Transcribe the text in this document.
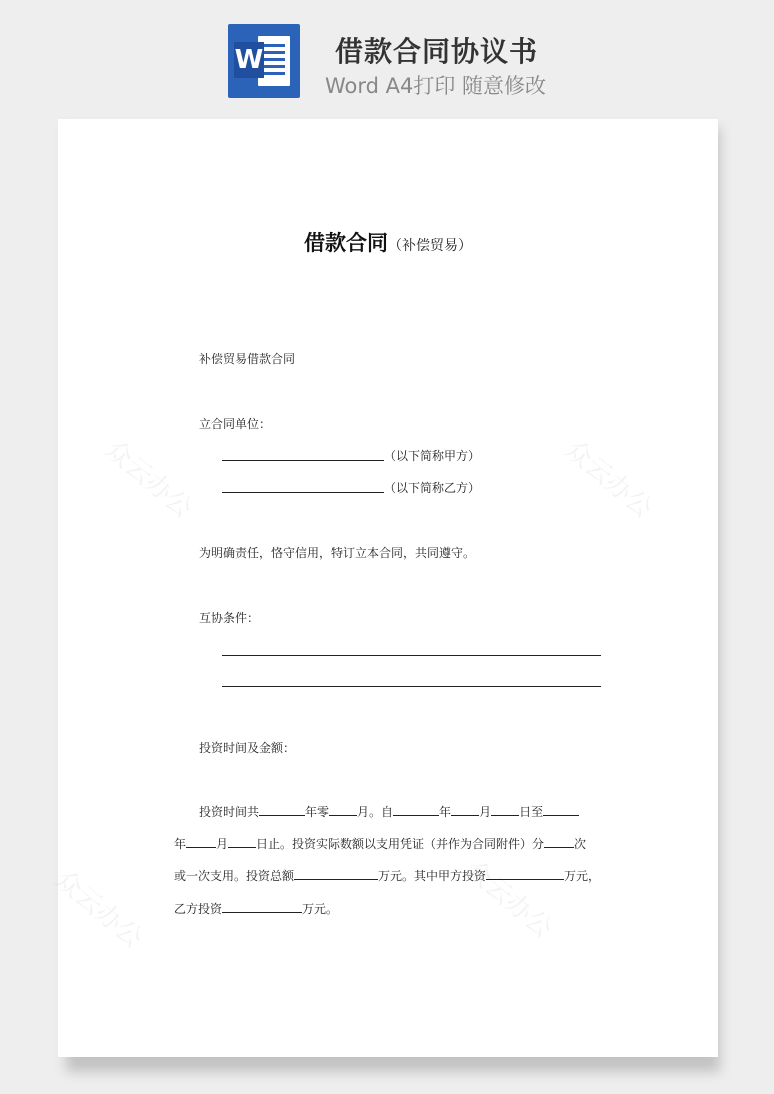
W	借款合同协议书
Word A4打印 随意修改
众云办公	众云办公
众云办公	众云办公
借款合同（补偿贸易）
补偿贸易借款合同
立合同单位：
（以下简称甲方）
（以下简称乙方）
为明确责任，恪守信用，特订立本合同，共同遵守。
互协条件：
投资时间及金额：
投资时间共	年零 月。自	年 月 日至
年	月 日止。投资实际数额以支用凭证（并作为合同附件）分	次
或一次支用。投资总额	万元。其中甲方投资	万元，
乙方投资	万元。
